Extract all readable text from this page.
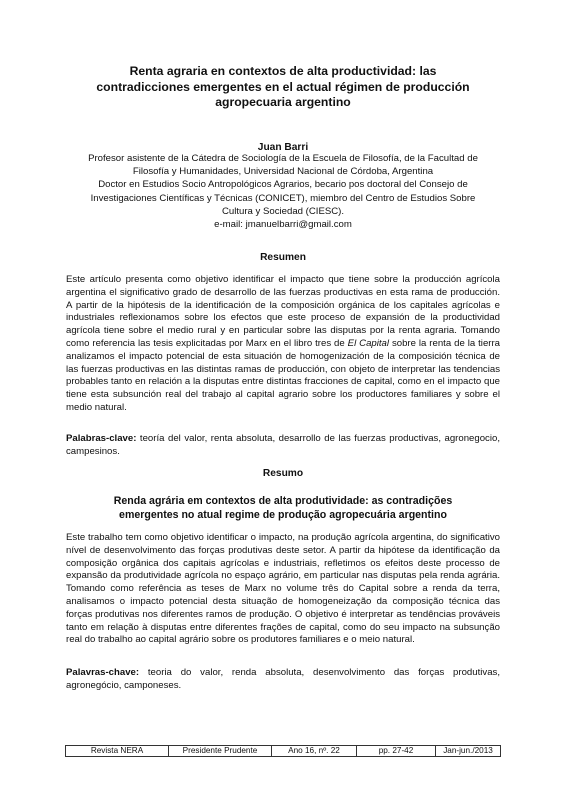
Renta agraria en contextos de alta productividad: las
contradicciones emergentes en el actual régimen de producción
agropecuaria argentino
Juan Barri
Profesor asistente de la Cátedra de Sociología de la Escuela de Filosofía, de la Facultad de
Filosofía y Humanidades, Universidad Nacional de Córdoba, Argentina
Doctor en Estudios Socio Antropológicos Agrarios, becario pos doctoral del Consejo de
Investigaciones Científicas y Técnicas (CONICET), miembro del Centro de Estudios Sobre
Cultura y Sociedad (CIESC).
e-mail: jmanuelbarri@gmail.com
Resumen

Este artículo presenta como objetivo identificar el impacto que tiene sobre la producción agrícola argentina el significativo grado de desarrollo de las fuerzas productivas en esta rama de producción. A partir de la hipótesis de la identificación de la composición orgánica de los capitales agrícolas e industriales reflexionamos sobre los efectos que este proceso de expansión de la productividad agrícola tiene sobre el medio rural y en particular sobre las disputas por la renta agraria. Tomando como referencia las tesis explicitadas por Marx en el libro tres de El Capital sobre la renta de la tierra analizamos el impacto potencial de esta situación de homogenización de la composición técnica de las fuerzas productivas en las distintas ramas de producción, con objeto de interpretar las tendencias probables tanto en relación a la disputas entre distintas fracciones de capital, como en el impacto que tiene esta subsunción real del trabajo al capital agrario sobre los productores familiares y sobre el medio natural.

Palabras-clave: teoría del valor, renta absoluta, desarrollo de las fuerzas productivas, agronegocio, campesinos.

Resumo
Renda agrária em contextos de alta produtividade: as contradições
emergentes no atual regime de produção agropecuária argentino

Este trabalho tem como objetivo identificar o impacto, na produção agrícola argentina, do significativo nível de desenvolvimento das forças produtivas deste setor. A partir da hipótese da identificação da composição orgânica dos capitais agrícolas e industriais, refletimos os efeitos deste processo de expansão da produtividade agrícola no espaço agrário, em particular nas disputas pela renda agrária. Tomando como referência as teses de Marx no volume três do Capital sobre a renda da terra, analisamos o impacto potencial desta situação de homogeneização da composição técnica das forças produtivas nos diferentes ramos de produção. O objetivo é interpretar as tendências prováveis tanto em relação à disputas entre diferentes frações de capital, como do seu impacto na subsunção real do trabalho ao capital agrário sobre os produtores familiares e o meio natural.

Palavras-chave: teoria do valor, renda absoluta, desenvolvimento das forças produtivas, agronegócio, camponeses.

Revista NERA	Presidente Prudente	Ano 16, nº. 22	pp. 27-42	Jan-jun./2013
